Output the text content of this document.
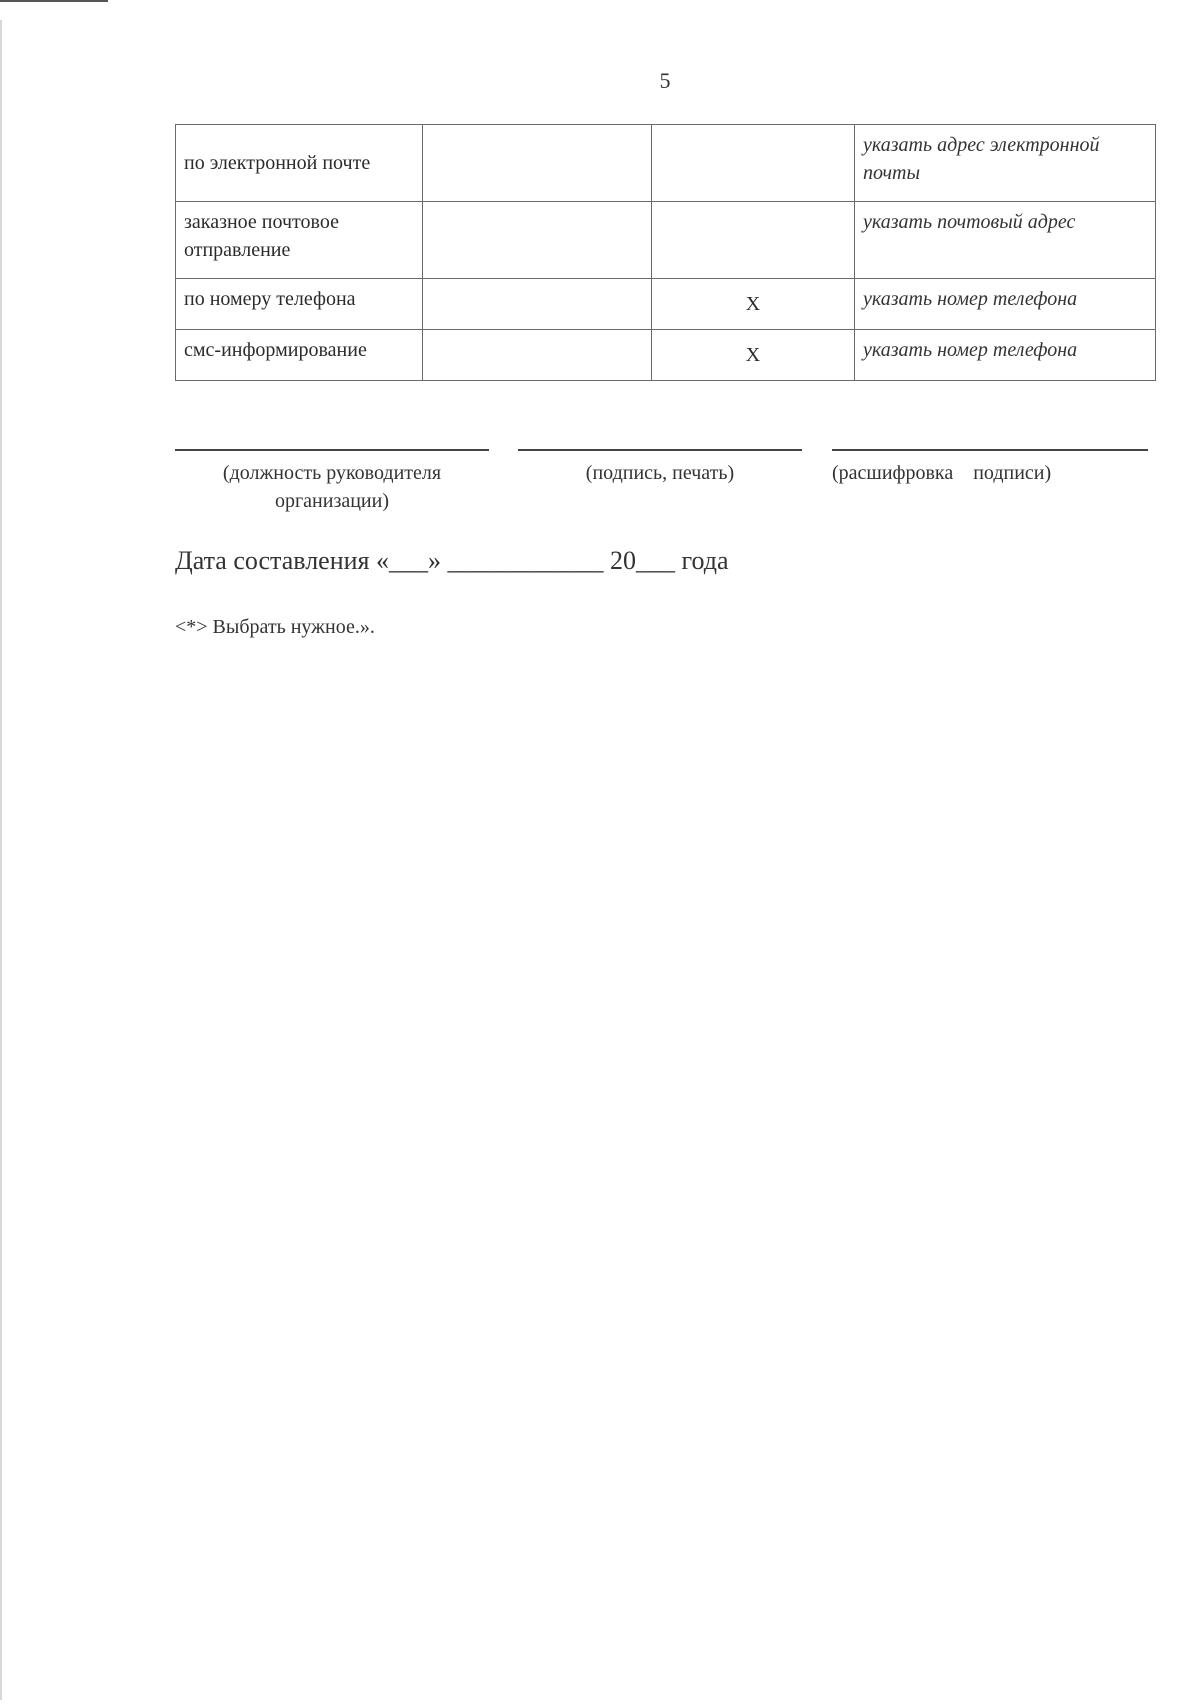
5
по электронной почте			указать адрес электронной почты
заказное почтовое отправление			указать почтовый адрес
по номеру телефона		Х	указать номер телефона
смс-информирование		Х	указать номер телефона
(должность руководителя
организации)
(подпись, печать)	(расшифровка    подписи)
Дата составления «___» ____________ 20___ года
<*> Выбрать нужное.».
